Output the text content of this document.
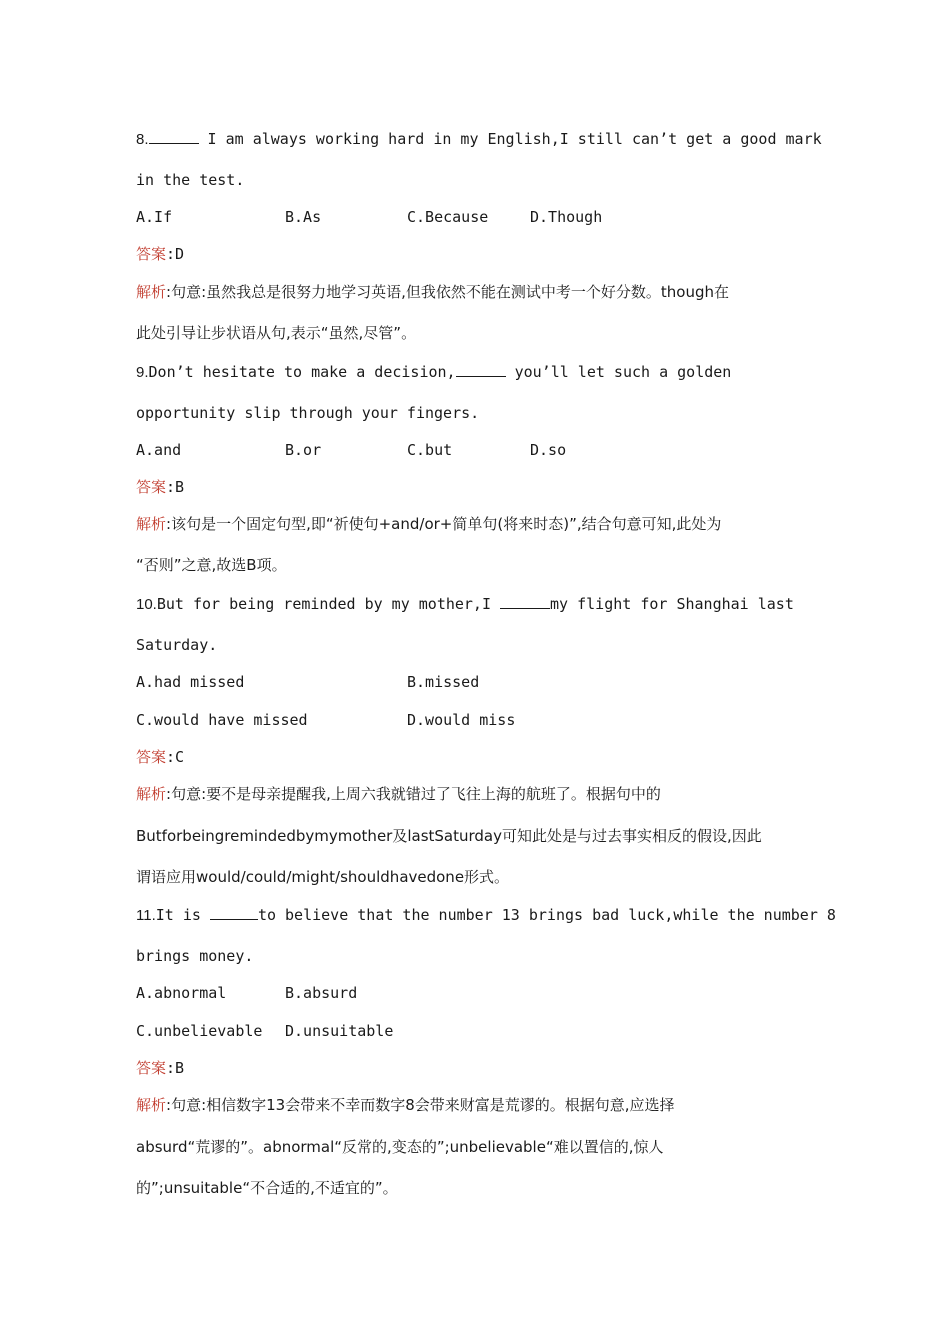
8.	I am always working hard in my English,I still can’t get a good mark
in the test.
A.If	B.As	C.Because	D.Though
答案:D
解析:句意:虽然我总是很努力地学习英语,但我依然不能在测试中考一个好分数。though在
此处引导让步状语从句,表示“虽然,尽管”。
9.Don’t hesitate to make a decision,	you’ll let such a golden
opportunity slip through your fingers.
A.and	B.or	C.but	D.so
答案:B
解析:该句是一个固定句型,即“祈使句+and/or+简单句(将来时态)”,结合句意可知,此处为
“否则”之意,故选B项。
10.But for being reminded by my mother,I	my flight for Shanghai last
Saturday.
A.had missed	B.missed
C.would have missed	D.would miss
答案:C
解析:句意:要不是母亲提醒我,上周六我就错过了飞往上海的航班了。根据句中的
Butforbeingremindedbymymother及lastSaturday可知此处是与过去事实相反的假设,因此
谓语应用would/could/might/shouldhavedone形式。
11.It is	to believe that the number 13 brings bad luck,while the number 8
brings money.
A.abnormal	B.absurd
C.unbelievable D.unsuitable
答案:B
解析:句意:相信数字13会带来不幸而数字8会带来财富是荒谬的。根据句意,应选择
absurd“荒谬的”。abnormal“反常的,变态的”;unbelievable“难以置信的,惊人
的”;unsuitable“不合适的,不适宜的”。
